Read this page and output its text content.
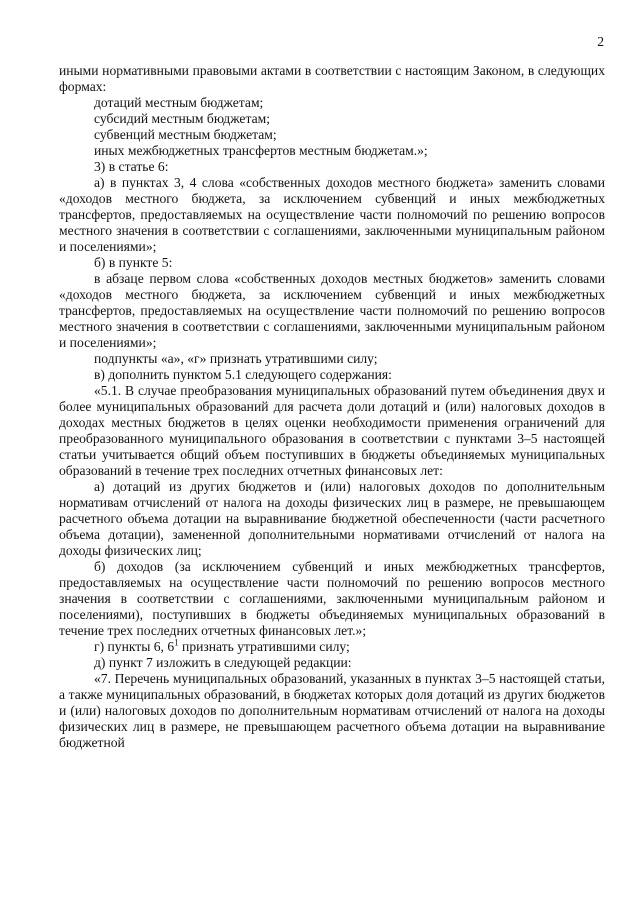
2

иными нормативными правовыми актами в соответствии с настоящим Законом, в следующих формах:

дотаций местным бюджетам;

субсидий местным бюджетам;

субвенций местным бюджетам;

иных межбюджетных трансфертов местным бюджетам.»;

3) в статье 6:

а) в пунктах 3, 4 слова «собственных доходов местного бюджета» заменить словами «доходов местного бюджета, за исключением субвенций и иных межбюджетных трансфертов, предоставляемых на осуществление части полномочий по решению вопросов местного значения в соответствии с соглашениями, заключенными муниципальным районом и поселениями»;

б) в пункте 5:

в абзаце первом слова «собственных доходов местных бюджетов» заменить словами «доходов местного бюджета, за исключением субвенций и иных межбюджетных трансфертов, предоставляемых на осуществление части полномочий по решению вопросов местного значения в соответствии с соглашениями, заключенными муниципальным районом и поселениями»;

подпункты «а», «г» признать утратившими силу;

в) дополнить пунктом 5.1 следующего содержания:

«5.1. В случае преобразования муниципальных образований путем объединения двух и более муниципальных образований для расчета доли дотаций и (или) налоговых доходов в доходах местных бюджетов в целях оценки необходимости применения ограничений для преобразованного муниципального образования в соответствии с пунктами 3–5 настоящей статьи учитывается общий объем поступивших в бюджеты объединяемых муниципальных образований в течение трех последних отчетных финансовых лет:

а) дотаций из других бюджетов и (или) налоговых доходов по дополнительным нормативам отчислений от налога на доходы физических лиц в размере, не превышающем расчетного объема дотации на выравнивание бюджетной обеспеченности (части расчетного объема дотации), замененной дополнительными нормативами отчислений от налога на доходы физических лиц;

б) доходов (за исключением субвенций и иных межбюджетных трансфертов, предоставляемых на осуществление части полномочий по решению вопросов местного значения в соответствии с соглашениями, заключенными муниципальным районом и поселениями), поступивших в бюджеты объединяемых муниципальных образований в течение трех последних отчетных финансовых лет.»;

г) пункты 6, $6^1$ признать утратившими силу;

д) пункт 7 изложить в следующей редакции:

«7. Перечень муниципальных образований, указанных в пунктах 3–5 настоящей статьи, а также муниципальных образований, в бюджетах которых доля дотаций из других бюджетов и (или) налоговых доходов по дополнительным нормативам отчислений от налога на доходы физических лиц в размере, не превышающем расчетного объема дотации на выравнивание бюджетной
